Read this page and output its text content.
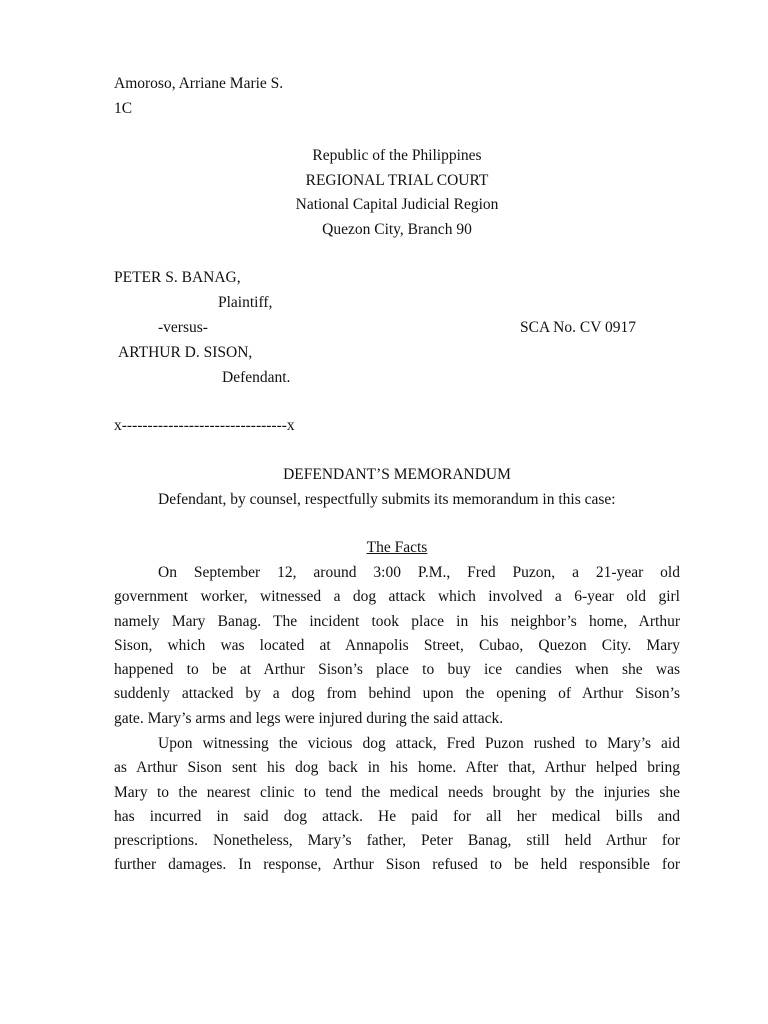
Amoroso, Arriane Marie S.

1C

Republic of the Philippines

REGIONAL TRIAL COURT

National Capital Judicial Region

Quezon City, Branch 90

PETER S. BANAG,

Plaintiff,

-versus-	SCA No. CV 0917

ARTHUR D. SISON,

Defendant.

x--------------------------------x

DEFENDANT’S MEMORANDUM

Defendant, by counsel, respectfully submits its memorandum in this case:

The Facts

On September 12, around 3:00 P.M., Fred Puzon, a 21-year old
government worker, witnessed a dog attack which involved a 6-year old girl
namely Mary Banag. The incident took place in his neighbor’s home, Arthur
Sison, which was located at Annapolis Street, Cubao, Quezon City. Mary
happened to be at Arthur Sison’s place to buy ice candies when she was
suddenly attacked by a dog from behind upon the opening of Arthur Sison’s
gate. Mary’s arms and legs were injured during the said attack.
Upon witnessing the vicious dog attack, Fred Puzon rushed to Mary’s aid
as Arthur Sison sent his dog back in his home. After that, Arthur helped bring
Mary to the nearest clinic to tend the medical needs brought by the injuries she
has incurred in said dog attack. He paid for all her medical bills and
prescriptions. Nonetheless, Mary’s father, Peter Banag, still held Arthur for
further damages. In response, Arthur Sison refused to be held responsible for
